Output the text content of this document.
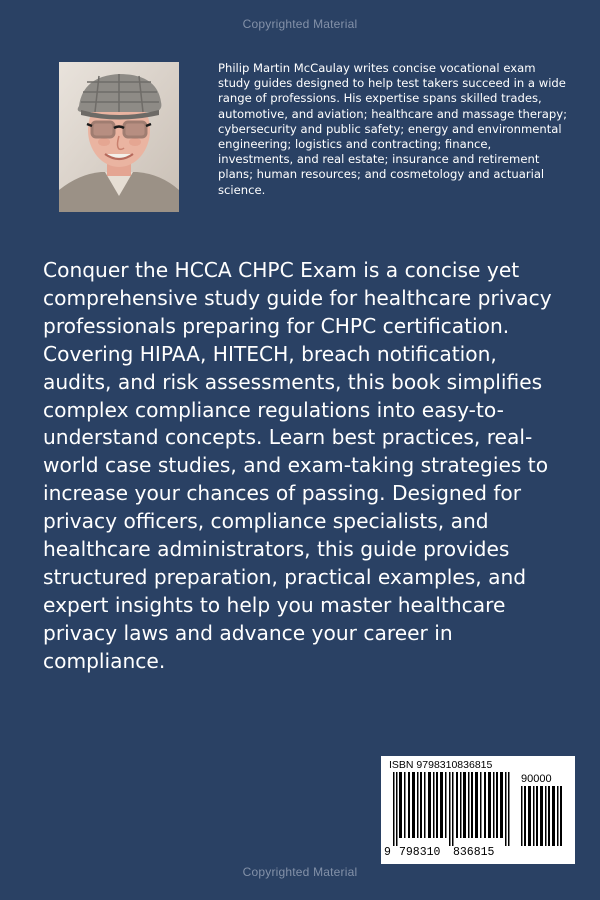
Copyrighted Material
Philip Martin McCaulay writes concise vocational exam study guides designed to help test takers succeed in a wide range of professions. His expertise spans skilled trades, automotive, and aviation; healthcare and massage therapy; cybersecurity and public safety; energy and environmental engineering; logistics and contracting; finance, investments, and real estate; insurance and retirement plans; human resources; and cosmetology and actuarial science.
Conquer the HCCA CHPC Exam is a concise yet comprehensive study guide for healthcare privacy professionals preparing for CHPC certification. Covering HIPAA, HITECH, breach notification, audits, and risk assessments, this book simplifies complex compliance regulations into easy-to-understand concepts. Learn best practices, real-world case studies, and exam-taking strategies to increase your chances of passing. Designed for privacy officers, compliance specialists, and healthcare administrators, this guide provides structured preparation, practical examples, and expert insights to help you master healthcare privacy laws and advance your career in compliance.
ISBN 9798310836815
90000
9 798310 836815
Copyrighted Material
